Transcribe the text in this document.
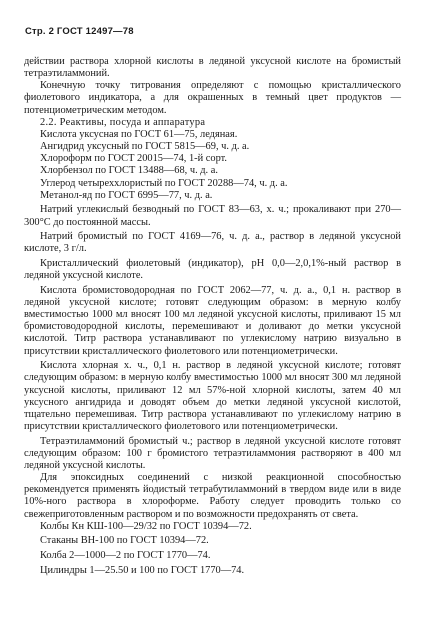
Стр. 2 ГОСТ 12497—78

действии раствора хлорной кислоты в ледяной уксусной кислоте на бромистый тетраэтиламмоний.

Конечную точку титрования определяют с помощью кристаллического фиолетового индикатора, а для окрашенных в темный цвет продуктов — потенциометрическим методом.

2.2. Реактивы, посуда и аппаратура

Кислота уксусная по ГОСТ 61—75, ледяная.

Ангидрид уксусный по ГОСТ 5815—69, ч. д. а.

Хлороформ по ГОСТ 20015—74, 1-й сорт.

Хлорбензол по ГОСТ 13488—68, ч. д. а.

Углерод четыреххлористый по ГОСТ 20288—74, ч. д. а.

Метанол-яд по ГОСТ 6995—77, ч. д. а.

Натрий углекислый безводный по ГОСТ 83—63, х. ч.; прокаливают при 270—300°С до постоянной массы.

Натрий бромистый по ГОСТ 4169—76, ч. д. а., раствор в ледяной уксусной кислоте, 3 г/л.

Кристаллический фиолетовый (индикатор), рН 0,0—2,0,1%-ный раствор в ледяной уксусной кислоте.

Кислота бромистоводородная по ГОСТ 2062—77, ч. д. а., 0,1 н. раствор в ледяной уксусной кислоте; готовят следующим образом: в мерную колбу вместимостью 1000 мл вносят 100 мл ледяной уксусной кислоты, приливают 15 мл бромистоводородной кислоты, перемешивают и доливают до метки уксусной кислотой. Титр раствора устанавливают по углекислому натрию визуально в присутствии кристаллического фиолетового или потенциометрически.

Кислота хлорная х. ч., 0,1 н. раствор в ледяной уксусной кислоте; готовят следующим образом: в мерную колбу вместимостью 1000 мл вносят 300 мл ледяной уксусной кислоты, приливают 12 мл 57%-ной хлорной кислоты, затем 40 мл уксусного ангидрида и доводят объем до метки ледяной уксусной кислотой, тщательно перемешивая. Титр раствора устанавливают по углекислому натрию в присутствии кристаллического фиолетового или потенциометрически.

Тетраэтиламмоний бромистый ч.; раствор в ледяной уксусной кислоте готовят следующим образом: 100 г бромистого тетраэтиламмония растворяют в 400 мл ледяной уксусной кислоты.

Для эпоксидных соединений с низкой реакционной способностью рекомендуется применять йодистый тетрабутиламмоний в твердом виде или в виде 10%-ного раствора в хлороформе. Работу следует проводить только со свежеприготовленным раствором и по возможности предохранять от света.

Колбы Кн КШ-100—29/32 по ГОСТ 10394—72.

Стаканы ВН-100 по ГОСТ 10394—72.

Колба 2—1000—2 по ГОСТ 1770—74.

Цилиндры 1—25.50 и 100 по ГОСТ 1770—74.
